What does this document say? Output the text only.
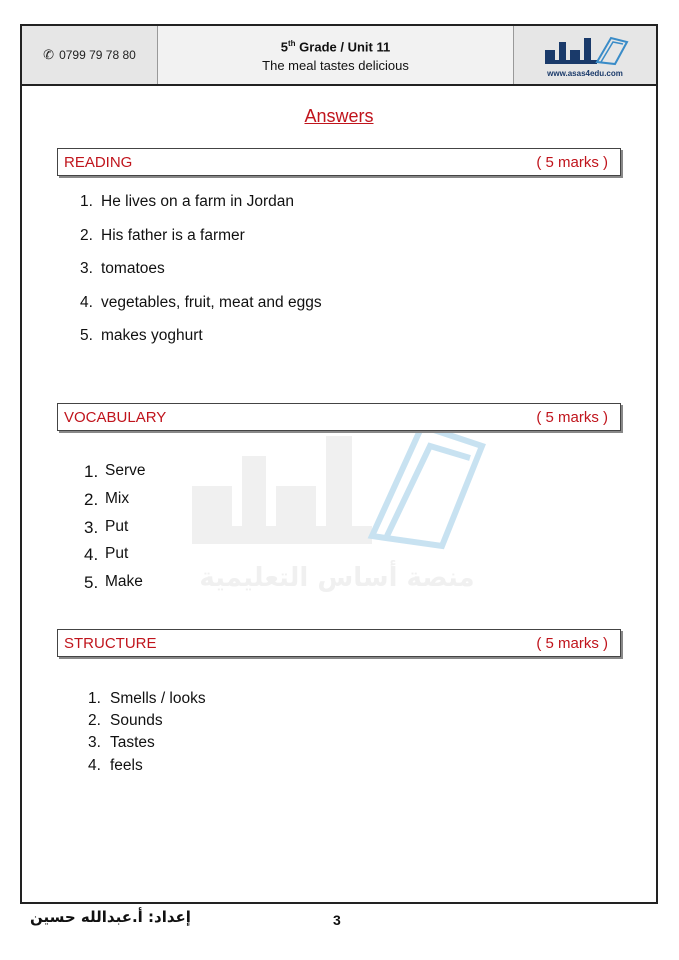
✆ 0799 79 78 80
5th Grade / Unit 11
The meal tastes delicious
www.asas4edu.com
Answers
منصة أساس التعليمية
READING	( 5 marks )
1. He lives on a farm in Jordan
2. His father is a farmer
3. tomatoes
4. vegetables, fruit, meat and eggs
5. makes yoghurt
VOCABULARY	( 5 marks )
1. Serve
2. Mix
3. Put
4. Put
5. Make
STRUCTURE	( 5 marks )
1. Smells / looks
2. Sounds
3. Tastes
4. feels
إعداد: أ.عبدالله حسين	3
